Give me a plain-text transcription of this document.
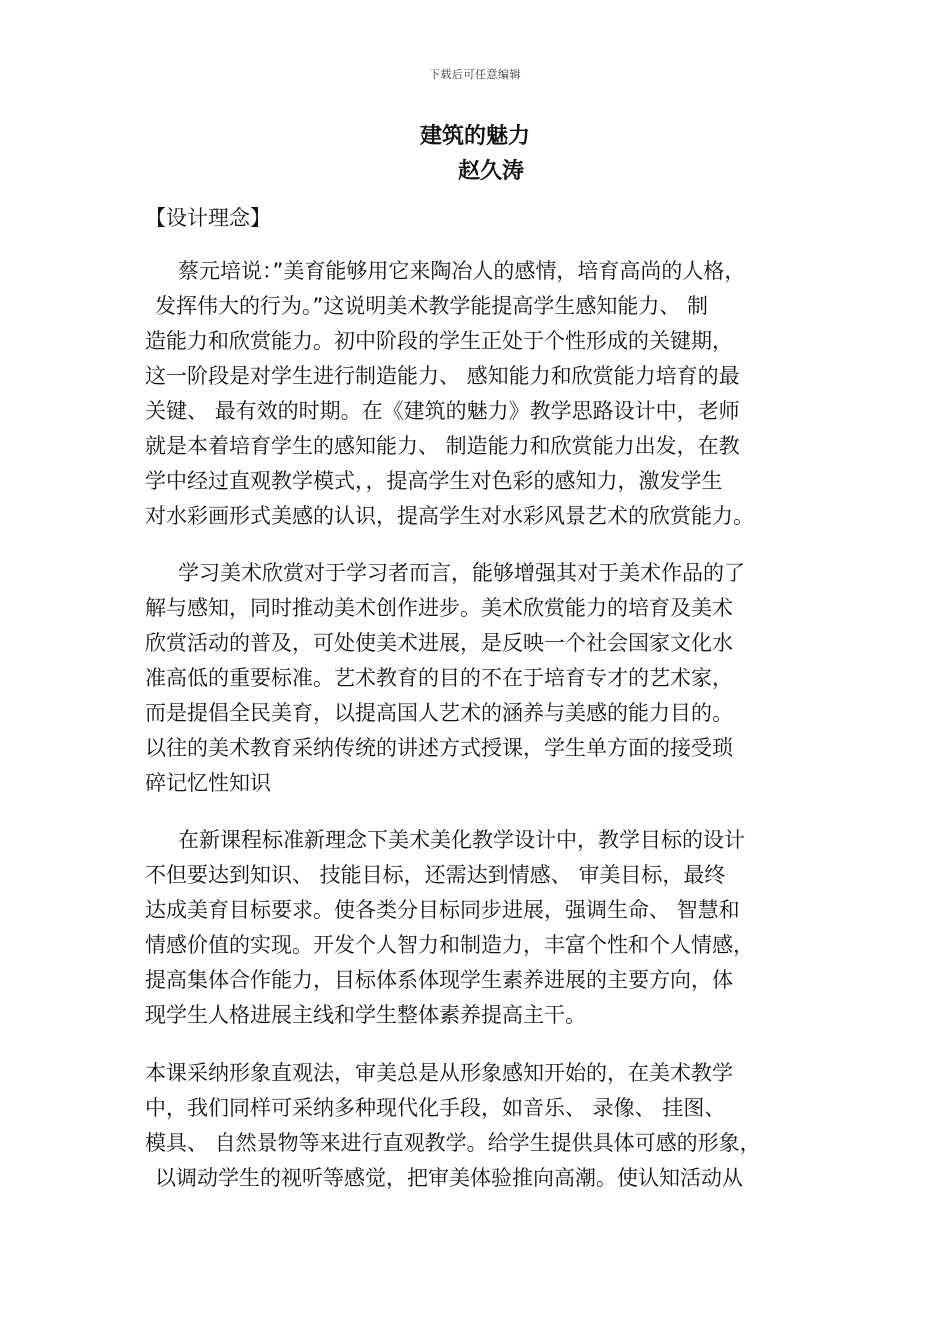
下载后可任意编辑
建筑的魅力
赵久涛
【设计理念】
蔡元培说：”美育能够用它来陶冶人的感情，培育高尚的人格，
发挥伟大的行为。”这说明美术教学能提高学生感知能力、 制
造能力和欣赏能力。初中阶段的学生正处于个性形成的关键期，
这一阶段是对学生进行制造能力、 感知能力和欣赏能力培育的最
关键、 最有效的时期。在《建筑的魅力》教学思路设计中，老师
就是本着培育学生的感知能力、 制造能力和欣赏能力出发，在教
学中经过直观教学模式，，提高学生对色彩的感知力，激发学生
对水彩画形式美感的认识，提高学生对水彩风景艺术的欣赏能力。
学习美术欣赏对于学习者而言，能够增强其对于美术作品的了
解与感知，同时推动美术创作进步。美术欣赏能力的培育及美术
欣赏活动的普及，可处使美术进展，是反映一个社会国家文化水
准高低的重要标准。艺术教育的目的不在于培育专才的艺术家，
而是提倡全民美育，以提高国人艺术的涵养与美感的能力目的。
以往的美术教育采纳传统的讲述方式授课，学生单方面的接受琐
碎记忆性知识
在新课程标准新理念下美术美化教学设计中，教学目标的设计
不但要达到知识、 技能目标，还需达到情感、 审美目标，最终
达成美育目标要求。使各类分目标同步进展，强调生命、 智慧和
情感价值的实现。开发个人智力和制造力，丰富个性和个人情感，
提高集体合作能力，目标体系体现学生素养进展的主要方向，体
现学生人格进展主线和学生整体素养提高主干。
本课采纳形象直观法，审美总是从形象感知开始的，在美术教学
中，我们同样可采纳多种现代化手段，如音乐、 录像、 挂图、
模具、 自然景物等来进行直观教学。给学生提供具体可感的形象，
以调动学生的视听等感觉，把审美体验推向高潮。使认知活动从
